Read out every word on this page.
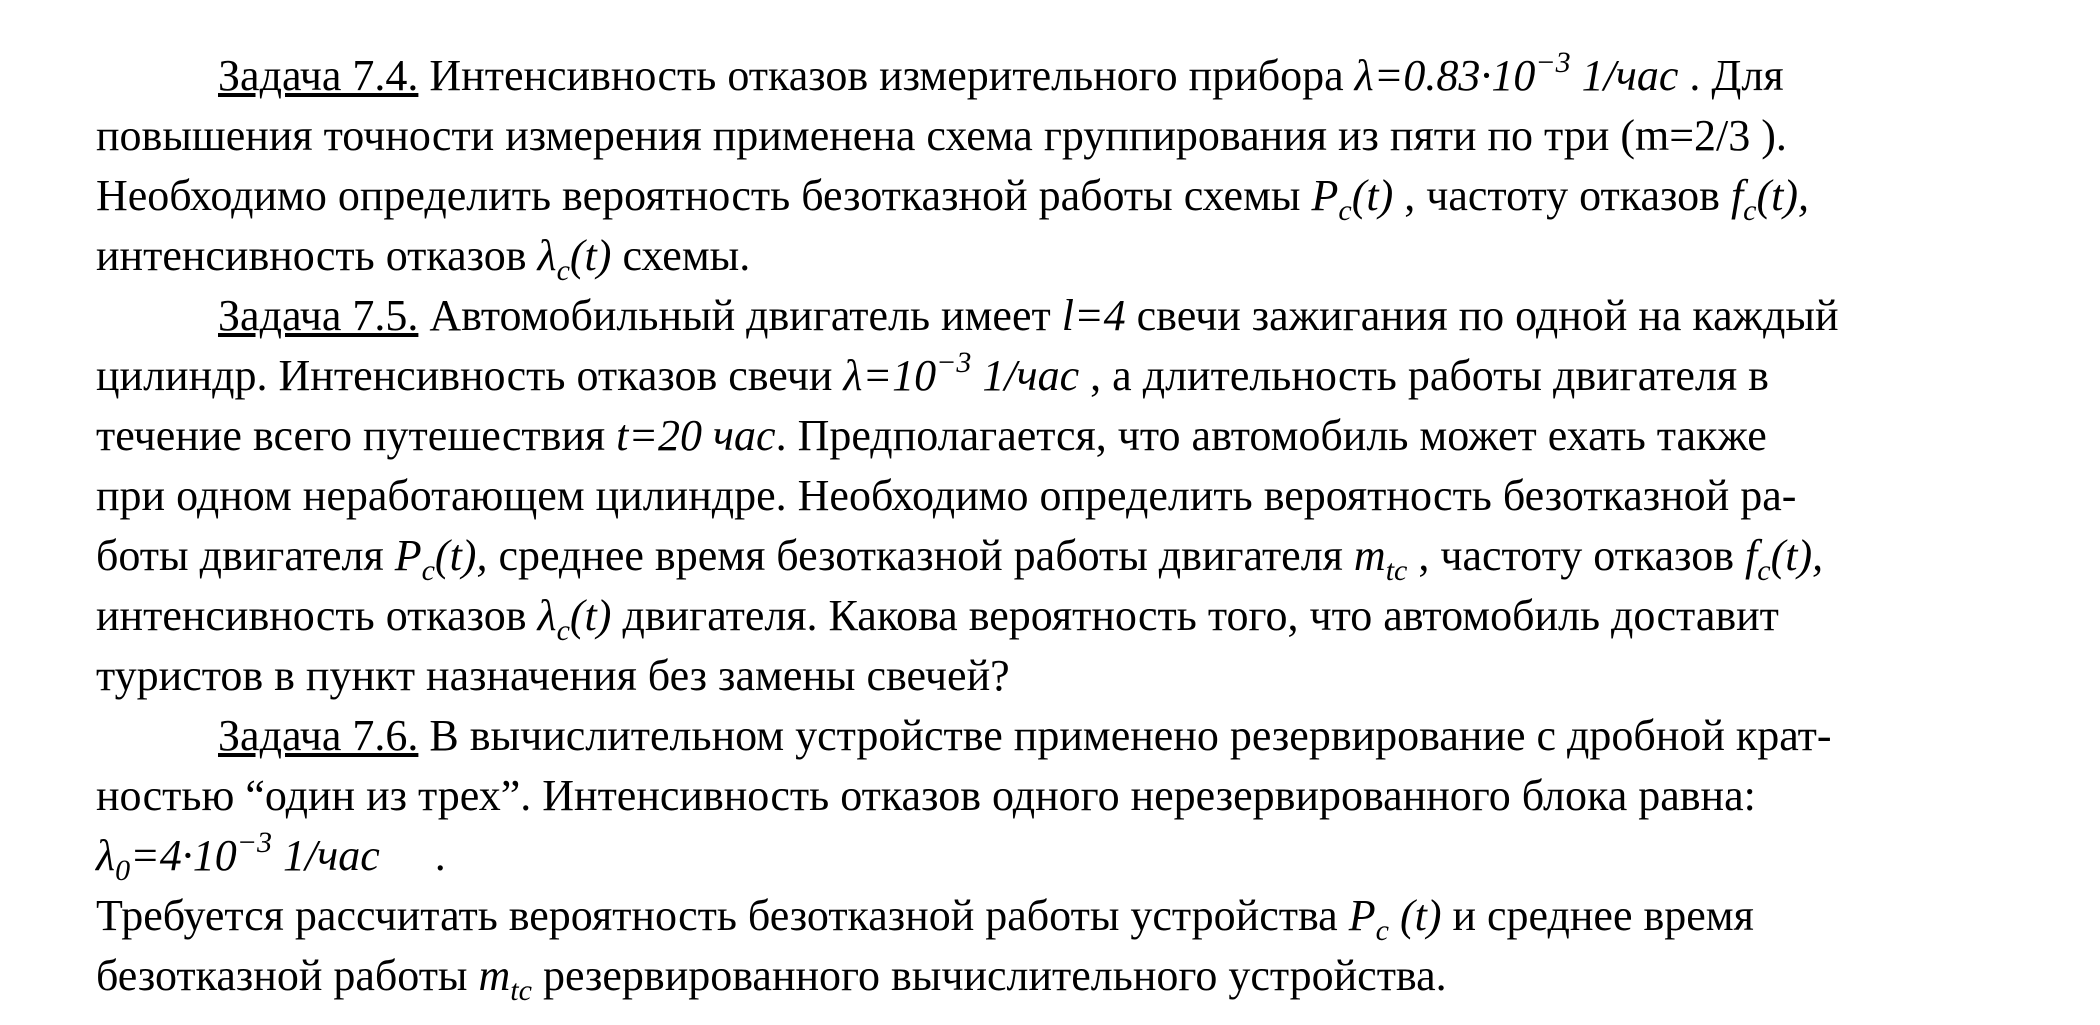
Задача 7.4. Интенсивность отказов измерительного прибора $\lambda=0.83\cdot 10^{-3}$ 1/час . Для
повышения точности измерения применена схема группирования из пяти по три (m=2/3 ).
Необходимо определить вероятность безотказной работы схемы $P_c(t)$ , частоту отказов $f_c(t)$,
интенсивность отказов $\lambda_c(t)$ схемы.
Задача 7.5. Автомобильный двигатель имеет l=4 свечи зажигания по одной на каждый
цилиндр. Интенсивность отказов свечи $\lambda=10^{-3}$ 1/час , а длительность работы двигателя в
течение всего путешествия t=20 час. Предполагается, что автомобиль может ехать также
при одном неработающем цилиндре. Необходимо определить вероятность безотказной ра-
боты двигателя $P_c(t)$, среднее время безотказной работы двигателя $m_{tc}$ , частоту отказов $f_c(t)$,
интенсивность отказов $\lambda_c(t)$ двигателя. Какова вероятность того, что автомобиль доставит
туристов в пункт назначения без замены свечей?
Задача 7.6. В вычислительном устройстве применено резервирование с дробной крат-
ностью “один из трех”. Интенсивность отказов одного нерезервированного блока равна:
$\lambda_0=4\cdot 10^{-3}$ 1/час     .
Требуется рассчитать вероятность безотказной работы устройства $P_c$ (t) и среднее время
безотказной работы $m_{tc}$ резервированного вычислительного устройства.
